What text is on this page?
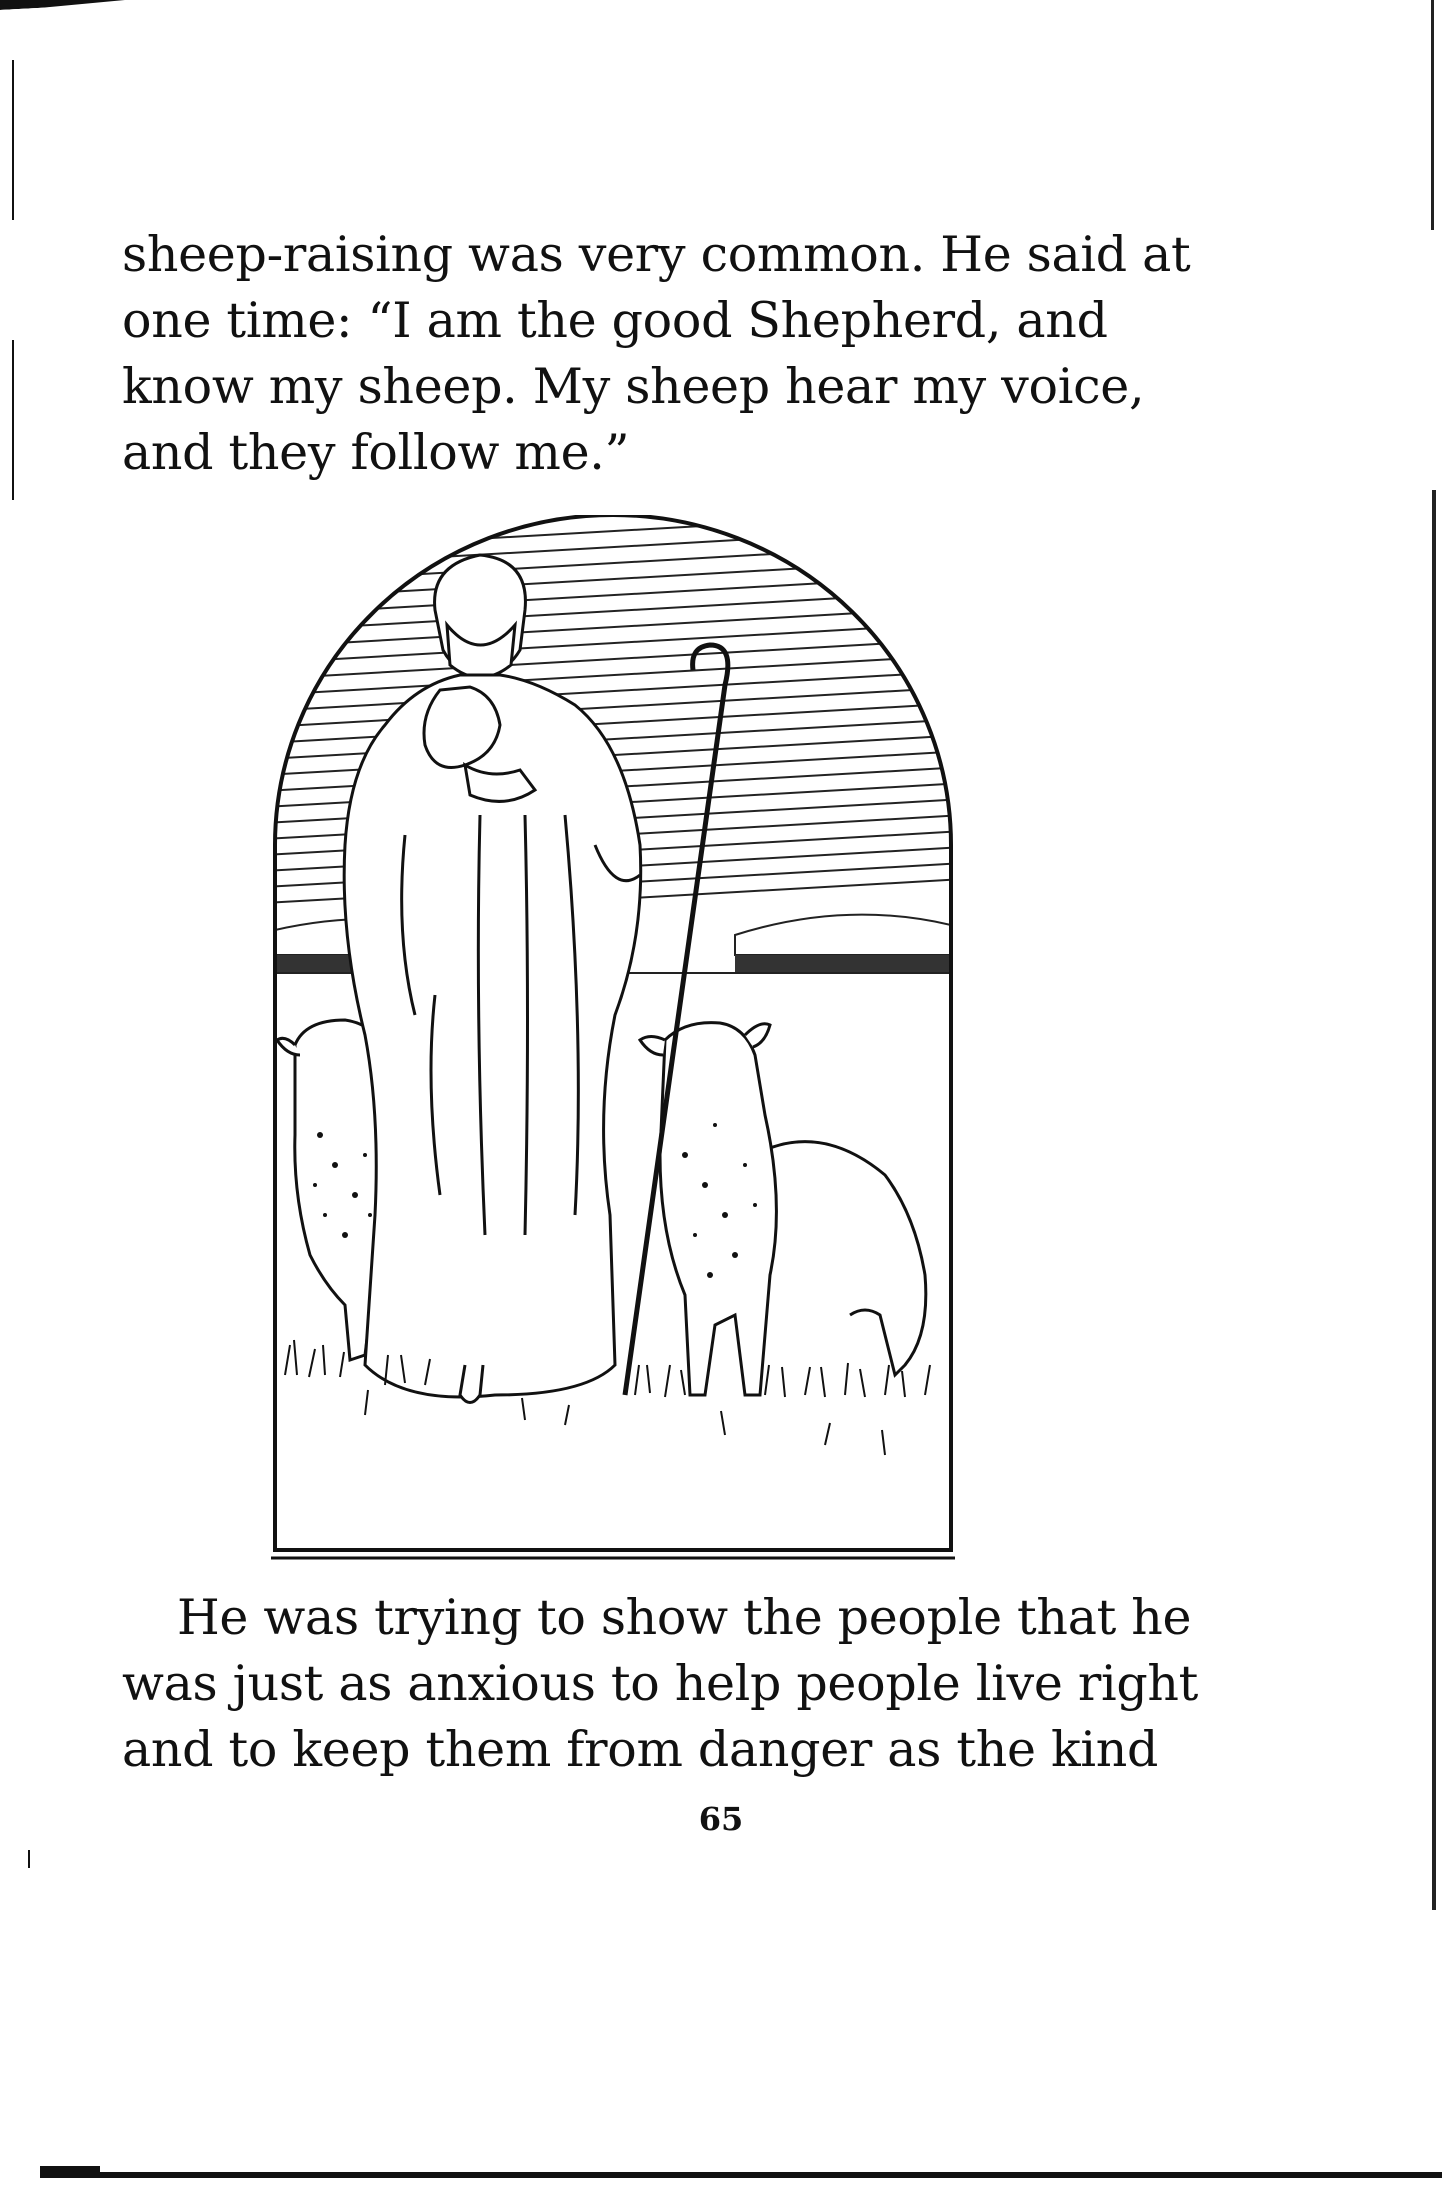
sheep-raising was very common. He said at
one time: “I am the good Shepherd, and
know my sheep. My sheep hear my voice,
and they follow me.”
He was trying to show the people that he
was just as anxious to help people live right
and to keep them from danger as the kind
65
